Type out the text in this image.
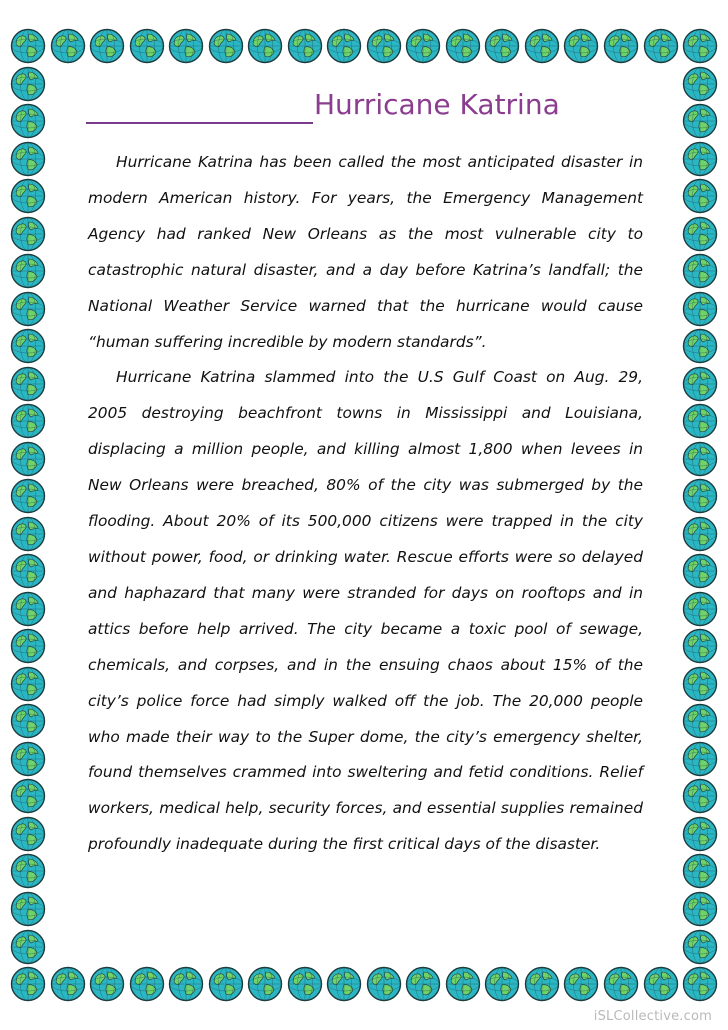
Hurricane Katrina

Hurricane Katrina has been called the most anticipated disaster in modern American history. For years, the Emergency Management Agency had ranked New Orleans as the most vulnerable city to catastrophic natural disaster, and a day before Katrina’s landfall; the National Weather Service warned that the hurricane would cause “human suffering incredible by modern standards”.

Hurricane Katrina slammed into the U.S Gulf Coast on Aug. 29, 2005 destroying beachfront towns in Mississippi and Louisiana, displacing a million people, and killing almost 1,800 when levees in New Orleans were breached, 80% of the city was submerged by the flooding. About 20% of its 500,000 citizens were trapped in the city without power, food, or drinking water. Rescue efforts were so delayed and haphazard that many were stranded for days on rooftops and in attics before help arrived. The city became a toxic pool of sewage, chemicals, and corpses, and in the ensuing chaos about 15% of the city’s police force had simply walked off the job. The 20,000 people who made their way to the Super dome, the city’s emergency shelter, found themselves crammed into sweltering and fetid conditions. Relief workers, medical help, security forces, and essential supplies remained profoundly inadequate during the first critical days of the disaster.

iSLCollective.com
